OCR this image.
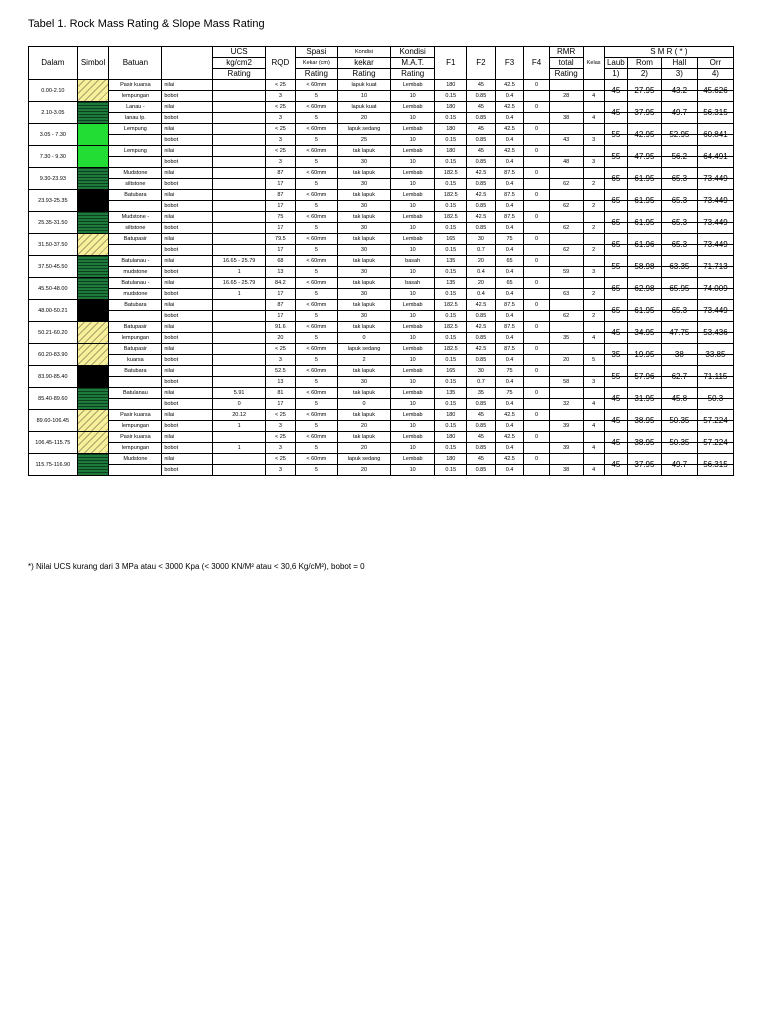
Tabel 1. Rock Mass Rating & Slope Mass Rating
Dalam	Simbol	Batuan		UCS	RQD	Spasi	Kondisi	Kondisi	F1	F2	F3	F4	RMR	Kelas	S M R ( * )			
				kg/cm2		Kekar (cm)	kekar	M.A.T.					total		Laub	Rom	Hall	Orr
				Rating		Rating	Rating	Rating					Rating		1)	2)	3)	4)
0.00-2.10		Pasir kuarsa	nilai		< 25	< 60mm	lapuk kuat	Lembab	180	45	42.5	0						
		lempungan	bobot		3	5	10	10	0.15	0.85	0.4		28	4	45	27.95	43.2	45.626
2.10-3.05		Lanau -	nilai		< 25	< 60mm	lapuk kuat	Lembab	180	45	42.5	0						
		lanau lp.	bobot		3	5	20	10	0.15	0.85	0.4		38	4	45	37.95	49.7	56.315
3.05 - 7.30		Lempung	nilai		< 25	< 60mm	lapuk sedang	Lembab	180	45	42.5	0						
			bobot		3	5	25	10	0.15	0.85	0.4		43	3	55	42.95	52.95	60.841
7.30 - 9.30		Lempung	nilai		< 25	< 60mm	tak lapuk	Lembab	180	45	42.5	0						
			bobot		3	5	30	10	0.15	0.85	0.4		48	3	55	47.95	56.2	64.491
9.30-23.93		Mudstone	nilai		87	< 60mm	tak lapuk	Lembab	182.5	42.5	87.5	0						
		siltstone	bobot		17	5	30	10	0.15	0.85	0.4		62	2	65	61.95	65.3	73.449
23.93-25.35		Batubara	nilai		87	< 60mm	tak lapuk	Lembab	182.5	42.5	87.5	0						
			bobot		17	5	30	10	0.15	0.85	0.4		62	2	65	61.95	65.3	73.449
25.35-31.50		Mudstone -	nilai		75	< 60mm	tak lapuk	Lembab	182.5	42.5	87.5	0						
		siltstone	bobot		17	5	30	10	0.15	0.85	0.4		62	2	65	61.95	65.3	73.449
31.50-37.50		Batupasir	nilai		79.5	< 60mm	tak lapuk	Lembab	165	30	75	0						
			bobot		17	5	30	10	0.15	0.7	0.4		62	2	65	61.96	65.3	73.449
37.50-45.50		Batulanau -	nilai	16.65 - 25.79	68	< 60mm	tak lapuk	basah	135	20	65	0						
		mudstone	bobot	1	13	5	30	10	0.15	0.4	0.4		59	3	55	58.98	63.35	71.713
45.50-48.00		Batulanau -	nilai	16.65 - 25.79	84.2	< 60mm	tak lapuk	basah	135	20	65	0						
		mudstone	bobot	1	17	5	30	10	0.15	0.4	0.4		63	2	65	62.98	65.95	74.009
48.00-50.21		Batubara	nilai		87	< 60mm	tak lapuk	Lembab	182.5	42.5	87.5	0						
			bobot		17	5	30	10	0.15	0.85	0.4		62	2	65	61.95	65.3	73.449
50.21-60.20		Batupasir	nilai		91.6	< 60mm	tak lapuk	Lembab	182.5	42.5	87.5	0						
		lempungan	bobot		20	5	0	10	0.15	0.85	0.4		35	4	45	34.95	47.75	53.436
60.20-83.90		Batupasir	nilai		< 25	< 60mm	lapuk sedang	Lembab	182.5	42.5	87.5	0						
		kuarsa	bobot		3	5	2	10	0.15	0.85	0.4		20	5	35	19.95	38	33.85
83.90-85.40		Batubara	nilai		52.5	< 60mm	tak lapuk	Lembab	165	30	75	0						
			bobot		13	5	30	10	0.15	0.7	0.4		58	3	55	57.96	62.7	71.115
85.40-89.60		Batulanau	nilai	5.91	81	< 60mm	tak lapuk	Lembab	135	35	75	0						
			bobot	0	17	5	0	10	0.15	0.85	0.4		32	4	45	31.95	45.8	50.3
89.60-106.45		Pasir kuarsa	nilai	20.12	< 25	< 60mm	tak lapuk	Lembab	180	45	42.5	0						
		lempungan	bobot	1	3	5	20	10	0.15	0.85	0.4		39	4	45	38.95	50.35	57.224
106.45-115.75		Pasir kuarsa	nilai		< 25	< 60mm	tak lapuk	Lembab	180	45	42.5	0						
		lempungan	bobot	1	3	5	20	10	0.15	0.85	0.4		39	4	45	38.95	50.35	57.224
115.75-116.90		Mudstone	nilai		< 25	< 60mm	lapuk sedang	Lembab	180	45	42.5	0						
			bobot		3	5	20	10	0.15	0.85	0.4		38	4	45	37.95	49.7	56.315
*) Nilai UCS kurang dari 3 MPa atau < 3000 Kpa (< 3000 KN/M² atau < 30,6 Kg/cM²), bobot = 0
